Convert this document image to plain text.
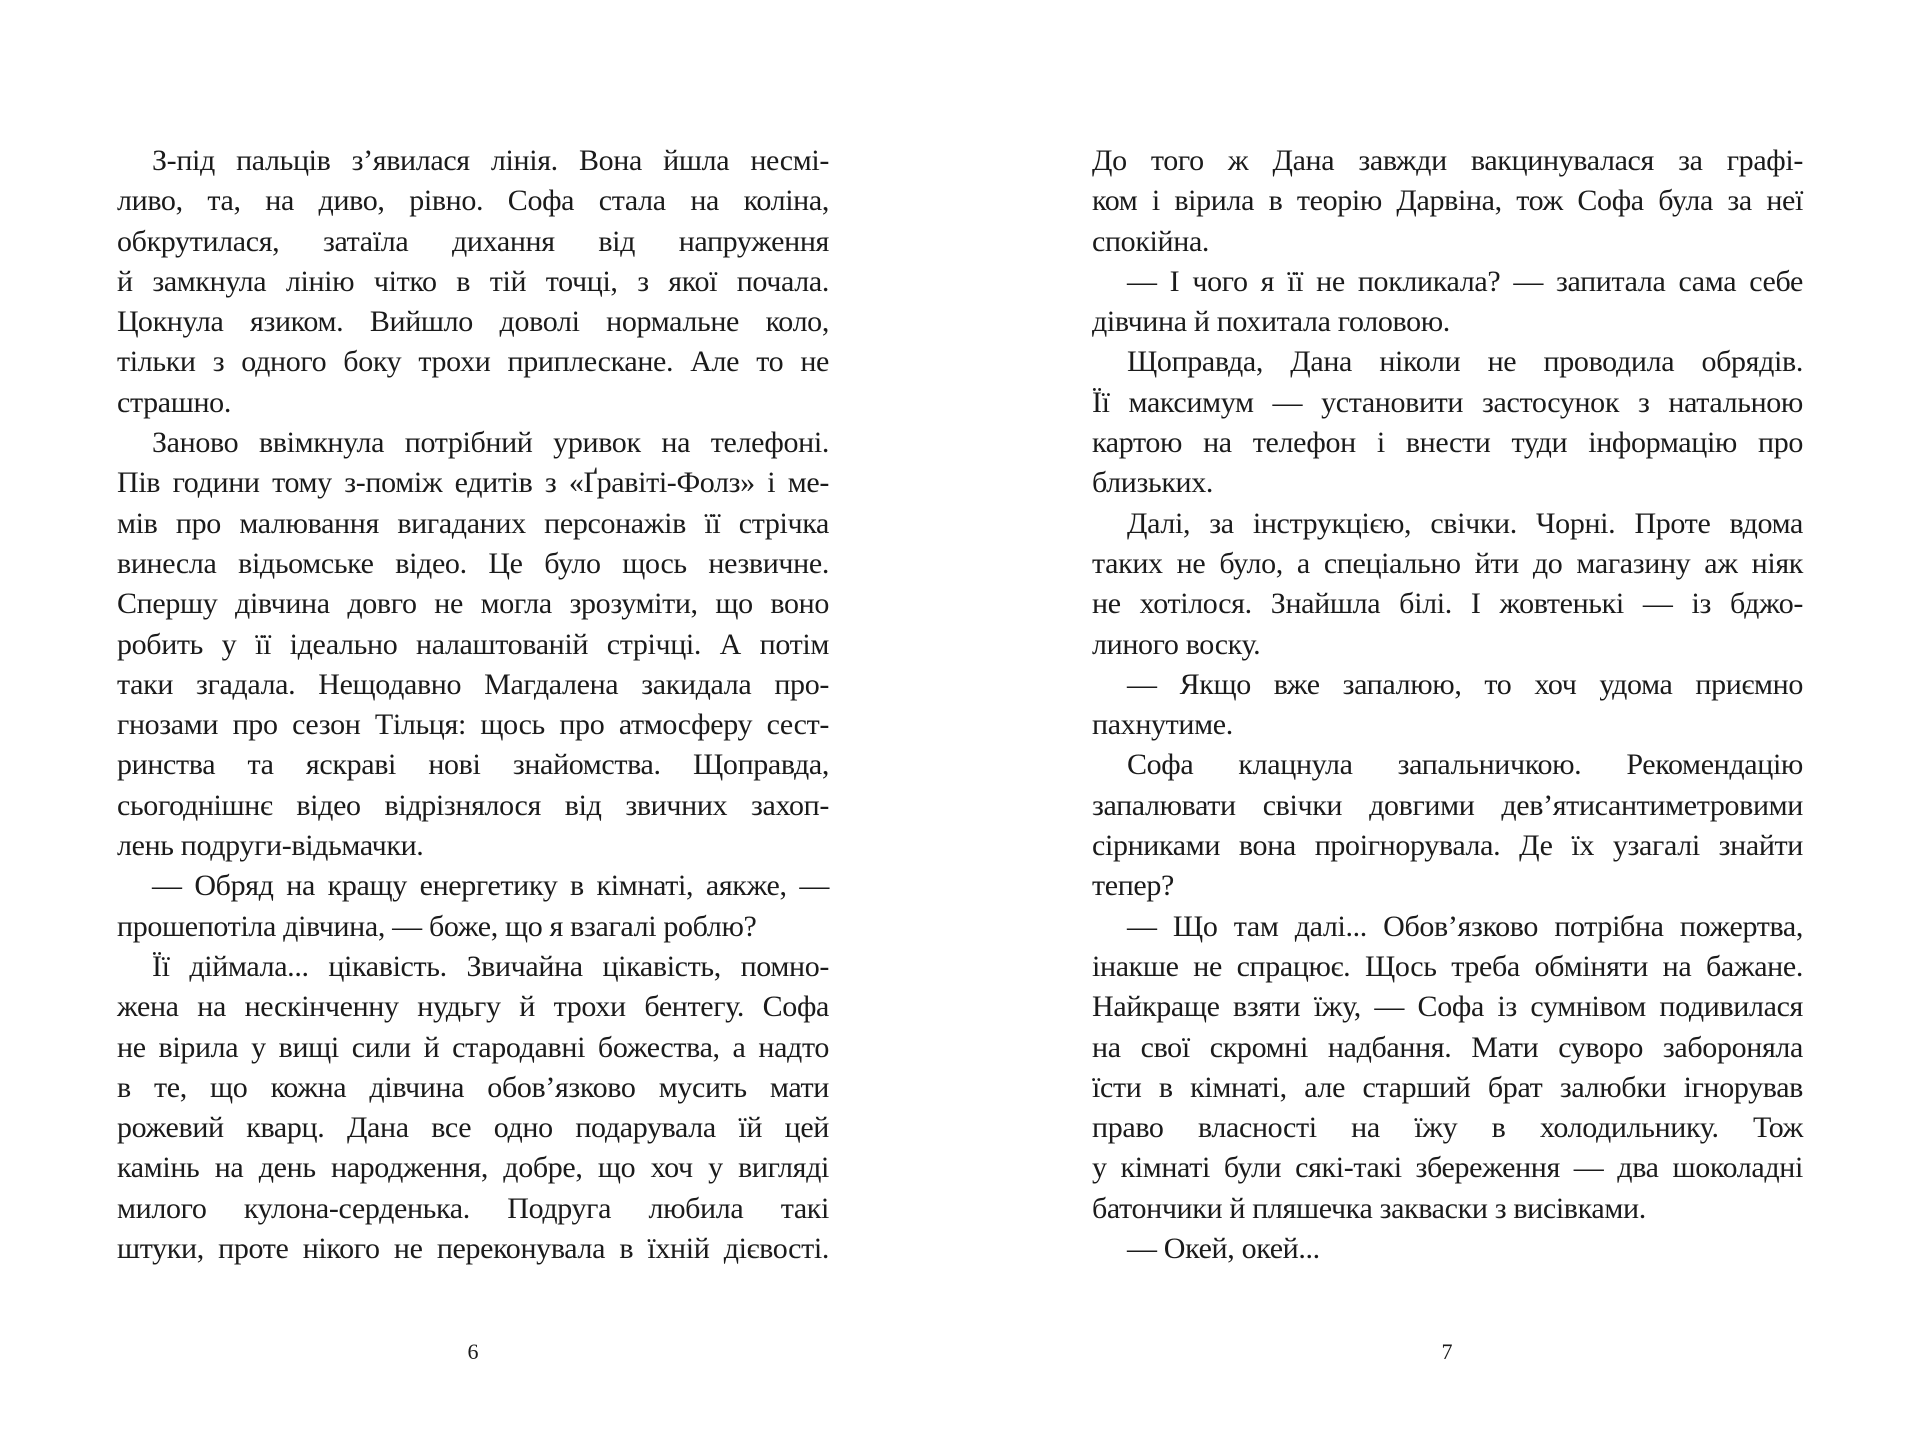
З-під пальців з’явилася лінія. Вона йшла несмі-
ливо, та, на диво, рівно. Софа стала на коліна,
обкрутилася, затаїла дихання від напруження
й замкнула лінію чітко в тій точці, з якої почала.
Цокнула язиком. Вийшло доволі нормальне коло,
тільки з одного боку трохи приплескане. Але то не
страшно.
Заново ввімкнула потрібний уривок на телефоні.
Пів години тому з-поміж едитів з «Ґравіті-Фолз» і ме-
мів про малювання вигаданих персонажів її стрічка
винесла відьомське відео. Це було щось незвичне.
Спершу дівчина довго не могла зрозуміти, що воно
робить у її ідеально налаштованій стрічці. А потім
таки згадала. Нещодавно Магдалена закидала про-
гнозами про сезон Тільця: щось про атмосферу сест-
ринства та яскраві нові знайомства. Щоправда,
сьогоднішнє відео відрізнялося від звичних захоп-
лень подруги-відьмачки.
— Обряд на кращу енергетику в кімнаті, аякже, —
прошепотіла дівчина, — боже, що я взагалі роблю?
Її діймала... цікавість. Звичайна цікавість, помно-
жена на нескінченну нудьгу й трохи бентегу. Софа
не вірила у вищі сили й стародавні божества, а надто
в те, що кожна дівчина обов’язково мусить мати
рожевий кварц. Дана все одно подарувала їй цей
камінь на день народження, добре, що хоч у вигляді
милого кулона-серденька. Подруга любила такі
штуки, проте нікого не переконувала в їхній дієвості.
6
До того ж Дана завжди вакцинувалася за графі-
ком і вірила в теорію Дарвіна, тож Софа була за неї
спокійна.
— І чого я її не покликала? — запитала сама себе
дівчина й похитала головою.
Щоправда, Дана ніколи не проводила обрядів.
Її максимум — установити застосунок з натальною
картою на телефон і внести туди інформацію про
близьких.
Далі, за інструкцією, свічки. Чорні. Проте вдома
таких не було, а спеціально йти до магазину аж ніяк
не хотілося. Знайшла білі. І жовтенькі — із бджо-
линого воску.
— Якщо вже запалюю, то хоч удома приємно
пахнутиме.
Софа клацнула запальничкою. Рекомендацію
запалювати свічки довгими дев’ятисантиметровими
сірниками вона проігнорувала. Де їх узагалі знайти
тепер?
— Що там далі... Обов’язково потрібна пожертва,
інакше не спрацює. Щось треба обміняти на бажане.
Найкраще взяти їжу, — Софа із сумнівом подивилася
на свої скромні надбання. Мати суворо забороняла
їсти в кімнаті, але старший брат залюбки ігнорував
право власності на їжу в холодильнику. Тож
у кімнаті були сякі-такі збереження — два шоколадні
батончики й пляшечка закваски з висівками.
— Окей, окей...
7
